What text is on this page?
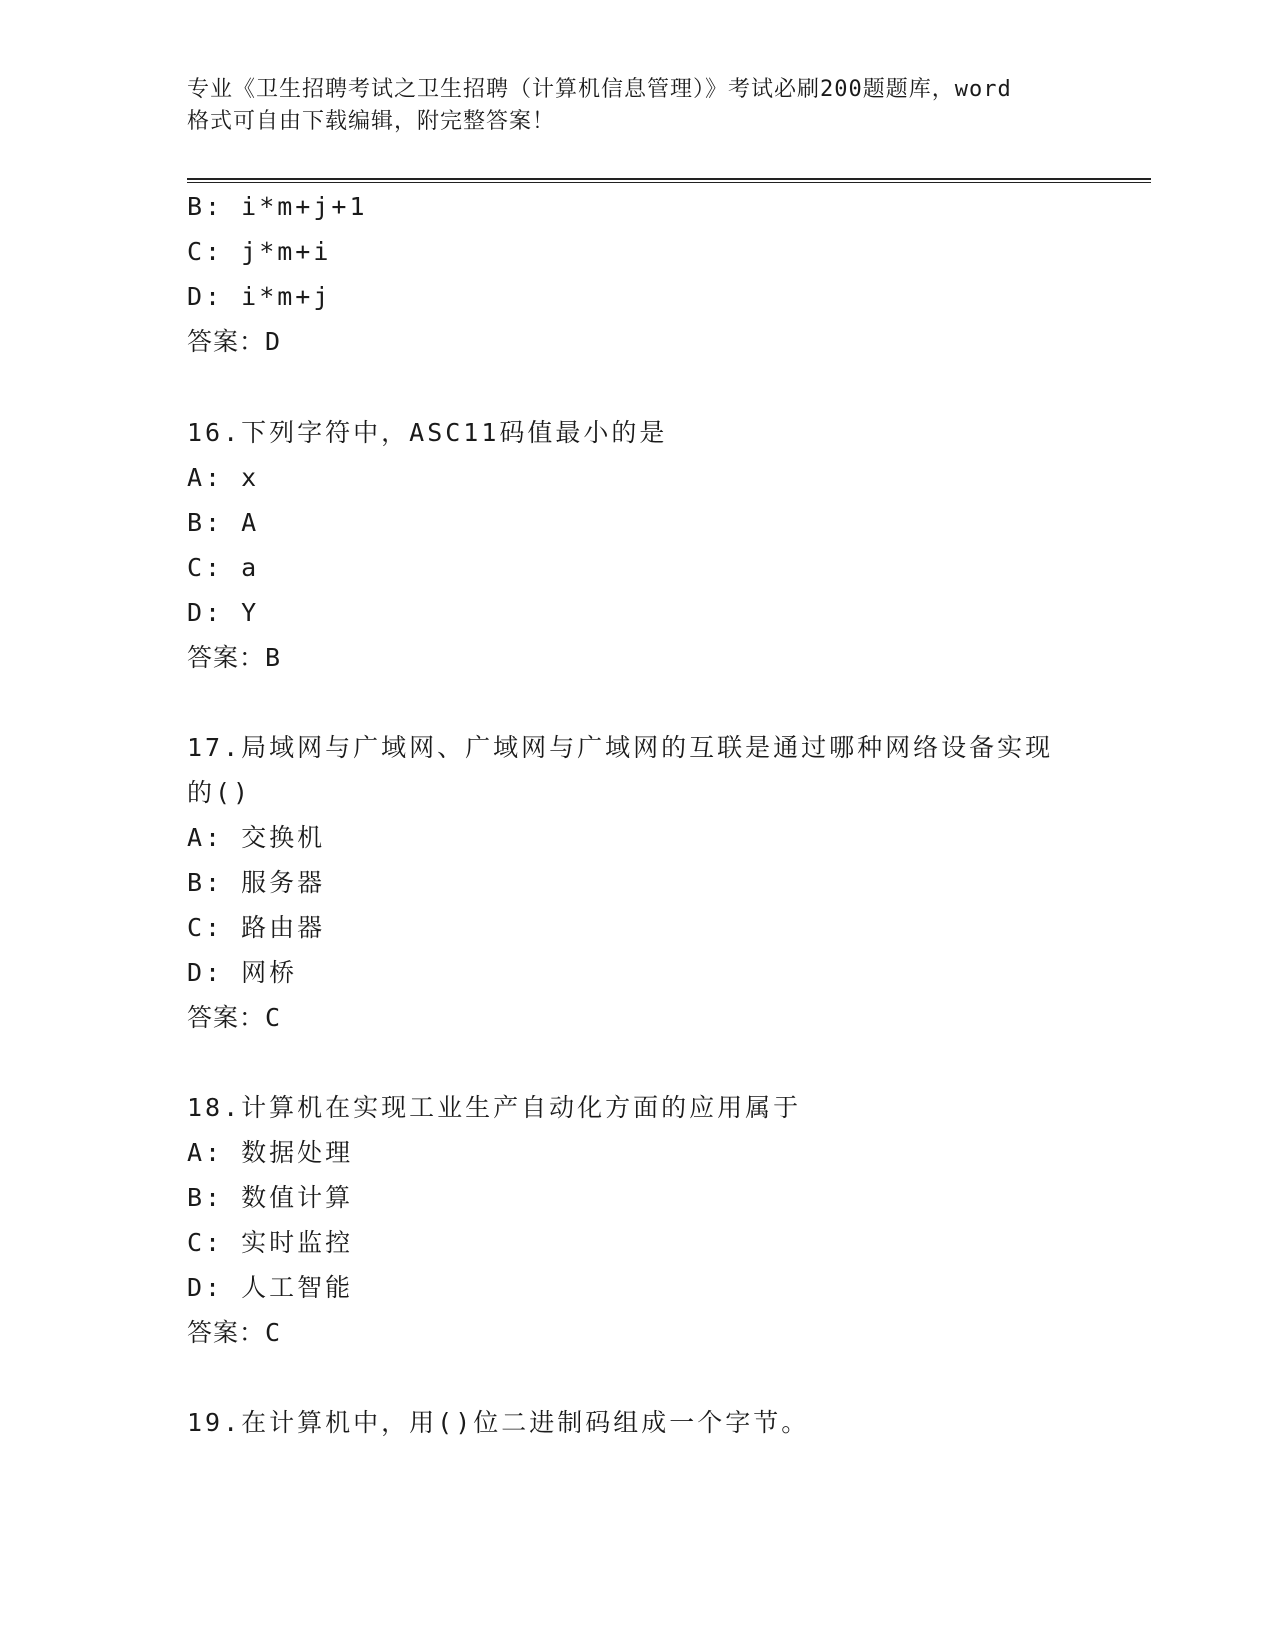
专业《卫生招聘考试之卫生招聘（计算机信息管理）》考试必刷200题题库，word
格式可自由下载编辑，附完整答案！
B: i*m+j+1
C: j*m+i
D: i*m+j
答案：D
16.下列字符中，ASC11码值最小的是
A: x
B: A
C: a
D: Y
答案：B
17.局域网与广域网、广域网与广域网的互联是通过哪种网络设备实现
的()
A: 交换机
B: 服务器
C: 路由器
D: 网桥
答案：C
18.计算机在实现工业生产自动化方面的应用属于
A: 数据处理
B: 数值计算
C: 实时监控
D: 人工智能
答案：C
19.在计算机中，用()位二进制码组成一个字节。
